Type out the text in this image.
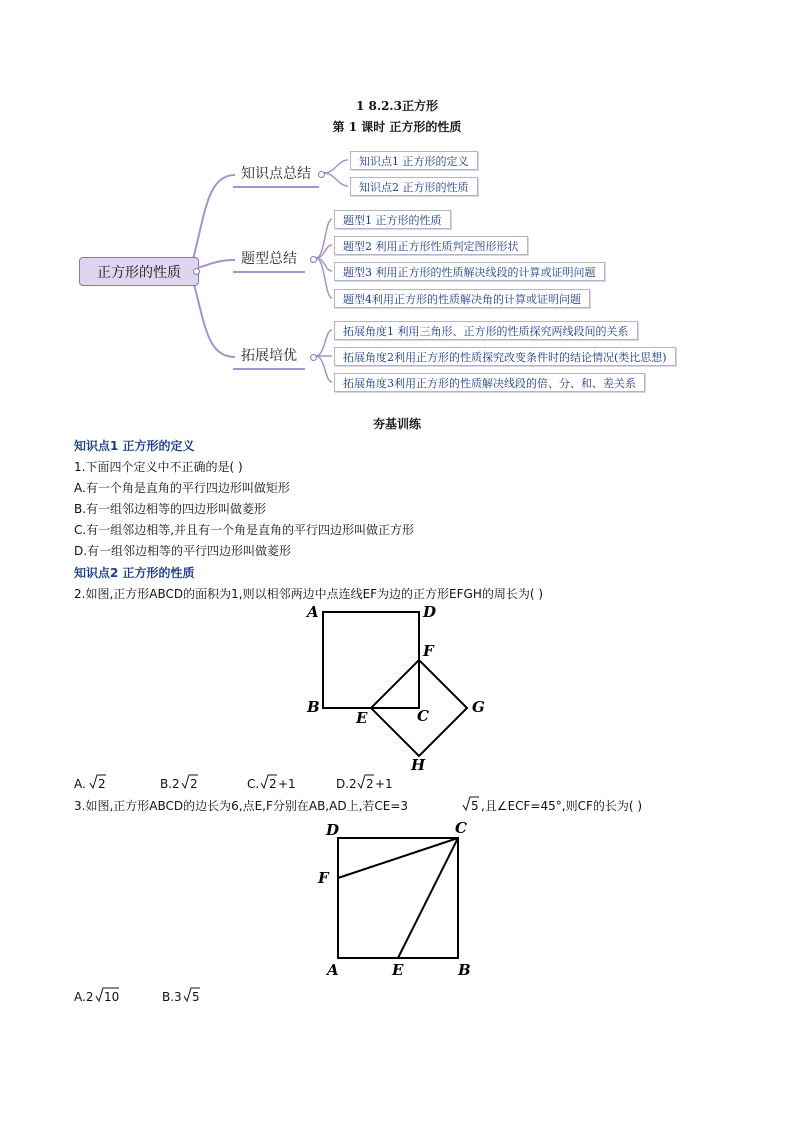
1 8.2.3正方形
第 1 课时 正方形的性质
正方形的性质
知识点总结
题型总结
拓展培优
知识点1 正方形的定义
知识点2 正方形的性质
题型1 正方形的性质
题型2 利用正方形性质判定图形形状
题型3 利用正方形的性质解决线段的计算或证明问题
题型4利用正方形的性质解决角的计算或证明问题
拓展角度1 利用三角形、正方形的性质探究两线段间的关系
拓展角度2利用正方形的性质探究改变条件时的结论情况(类比思想)
拓展角度3利用正方形的性质解决线段的倍、分、和、差关系
夯基训练
知识点1 正方形的定义
1.下面四个定义中不正确的是( )
A.有一个角是直角的平行四边形叫做矩形
B.有一组邻边相等的四边形叫做菱形
C.有一组邻边相等,并且有一个角是直角的平行四边形叫做正方形
D.有一组邻边相等的平行四边形叫做菱形
知识点2 正方形的性质
2.如图,正方形ABCD的面积为1,则以相邻两边中点连线EF为边的正方形EFGH的周长为( )
A	D
F
B
E	C	G
H
A. 2	B.2 2	C. 2 +1	D.2 2 +1
3.如图,正方形ABCD的边长为6,点E,F分别在AB,AD上,若CE=3	5 ,且∠ECF=45°,则CF的长为( )
D	C
F
A	E	B
A.2 10	B.3 5
